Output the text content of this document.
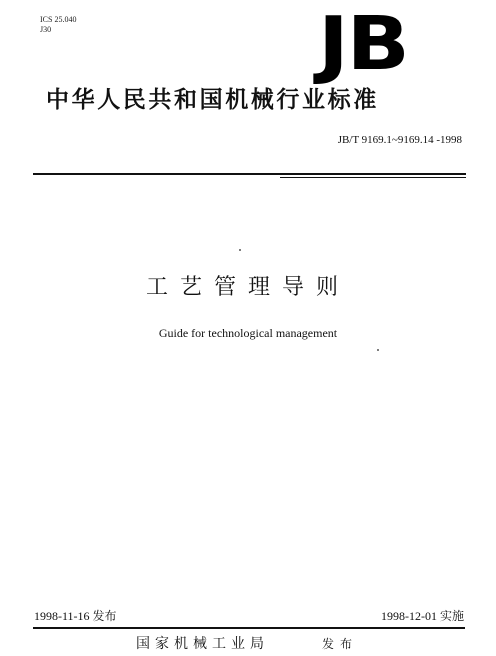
ICS 25.040
J30	JB
中华人民共和国机械行业标准
JB/T 9169.1~9169.14 -1998
工艺管理导则
Guide for technological management
1998-11-16 发布	1998-12-01 实施
国家机械工业局	发布
